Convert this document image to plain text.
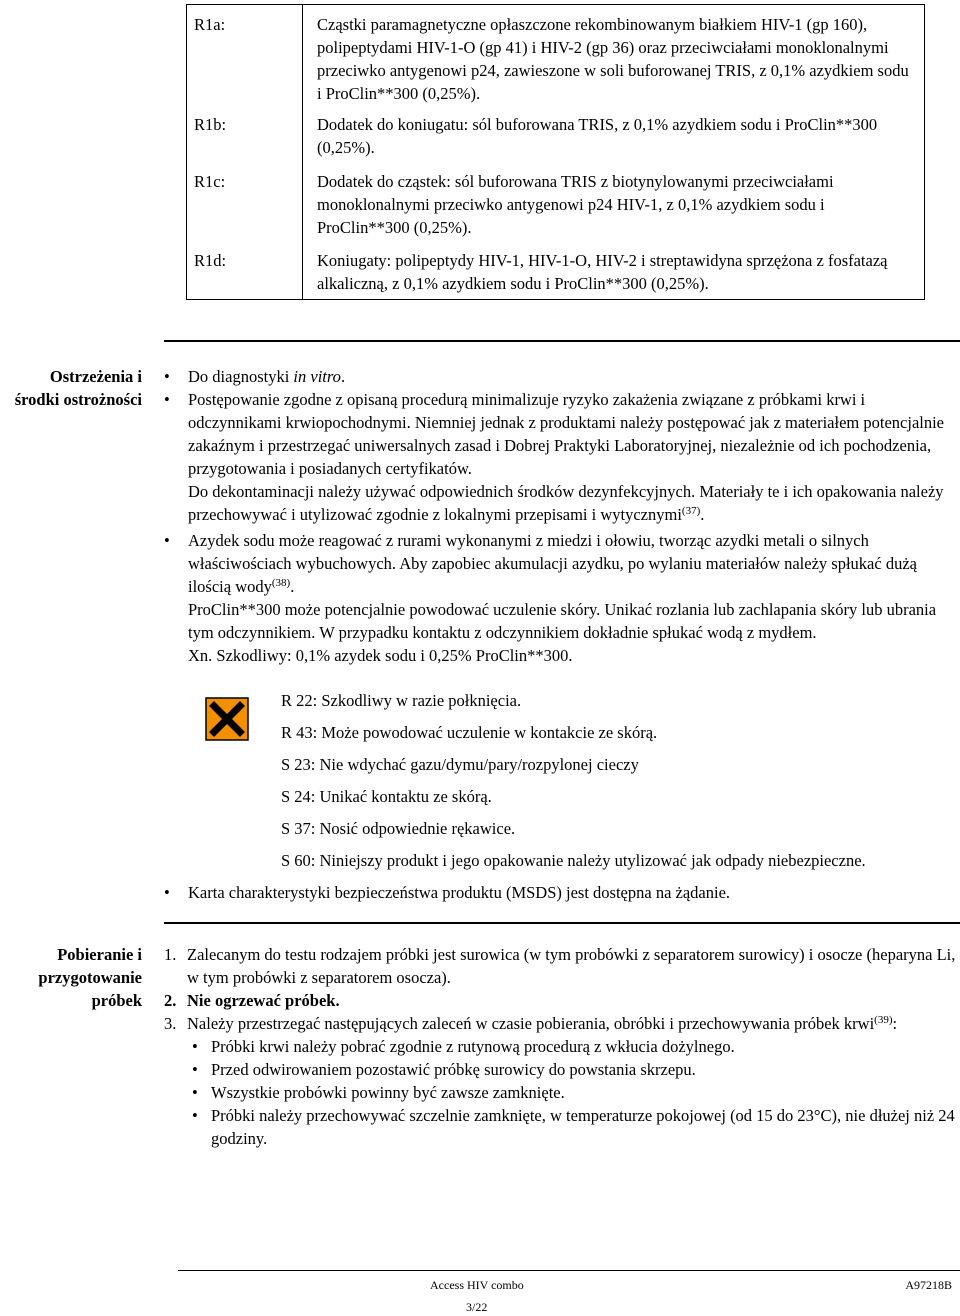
R1a:	Cząstki paramagnetyczne opłaszczone rekombinowanym białkiem HIV-1 (gp 160), polipeptydami HIV-1-O (gp 41) i HIV-2 (gp 36) oraz przeciwciałami monoklonalnymi przeciwko antygenowi p24, zawieszone w soli buforowanej TRIS, z 0,1% azydkiem sodu i ProClin**300 (0,25%).
R1b:	Dodatek do koniugatu: sól buforowana TRIS, z 0,1% azydkiem sodu i ProClin**300 (0,25%).
R1c:	Dodatek do cząstek: sól buforowana TRIS z biotynylowanymi przeciwciałami monoklonalnymi przeciwko antygenowi p24 HIV-1, z 0,1% azydkiem sodu i ProClin**300 (0,25%).
R1d:	Koniugaty: polipeptydy HIV-1, HIV-1-O, HIV-2 i streptawidyna sprzężona z fosfatazą alkaliczną, z 0,1% azydkiem sodu i ProClin**300 (0,25%).
Ostrzeżenia i środki ostrożności
• Do diagnostyki in vitro.
• Postępowanie zgodne z opisaną procedurą minimalizuje ryzyko zakażenia związane z próbkami krwi i odczynnikami krwiopochodnymi. Niemniej jednak z produktami należy postępować jak z materiałem potencjalnie zakaźnym i przestrzegać uniwersalnych zasad i Dobrej Praktyki Laboratoryjnej, niezależnie od ich pochodzenia, przygotowania i posiadanych certyfikatów.
Do dekontaminacji należy używać odpowiednich środków dezynfekcyjnych. Materiały te i ich opakowania należy przechowywać i utylizować zgodnie z lokalnymi przepisami i wytycznymi$^{(37)}$.
• Azydek sodu może reagować z rurami wykonanymi z miedzi i ołowiu, tworząc azydki metali o silnych właściwościach wybuchowych. Aby zapobiec akumulacji azydku, po wylaniu materiałów należy spłukać dużą ilością wody$^{(38)}$.
ProClin**300 może potencjalnie powodować uczulenie skóry. Unikać rozlania lub zachlapania skóry lub ubrania tym odczynnikiem. W przypadku kontaktu z odczynnikiem dokładnie spłukać wodą z mydłem.
Xn. Szkodliwy: 0,1% azydek sodu i 0,25% ProClin**300.
R 22: Szkodliwy w razie połknięcia.
R 43: Może powodować uczulenie w kontakcie ze skórą.
S 23: Nie wdychać gazu/dymu/pary/rozpylonej cieczy
S 24: Unikać kontaktu ze skórą.
S 37: Nosić odpowiednie rękawice.
S 60: Niniejszy produkt i jego opakowanie należy utylizować jak odpady niebezpieczne.
• Karta charakterystyki bezpieczeństwa produktu (MSDS) jest dostępna na żądanie.
Pobieranie i przygotowanie próbek
1. Zalecanym do testu rodzajem próbki jest surowica (w tym probówki z separatorem surowicy) i osocze (heparyna Li, w tym probówki z separatorem osocza).
2. Nie ogrzewać próbek.
3. Należy przestrzegać następujących zaleceń w czasie pobierania, obróbki i przechowywania próbek krwi$^{(39)}$:
• Próbki krwi należy pobrać zgodnie z rutynową procedurą z wkłucia dożylnego.
• Przed odwirowaniem pozostawić próbkę surowicy do powstania skrzepu.
• Wszystkie probówki powinny być zawsze zamknięte.
• Próbki należy przechowywać szczelnie zamknięte, w temperaturze pokojowej (od 15 do 23°C), nie dłużej niż 24 godziny.
Access HIV combo	A97218B
3/22
